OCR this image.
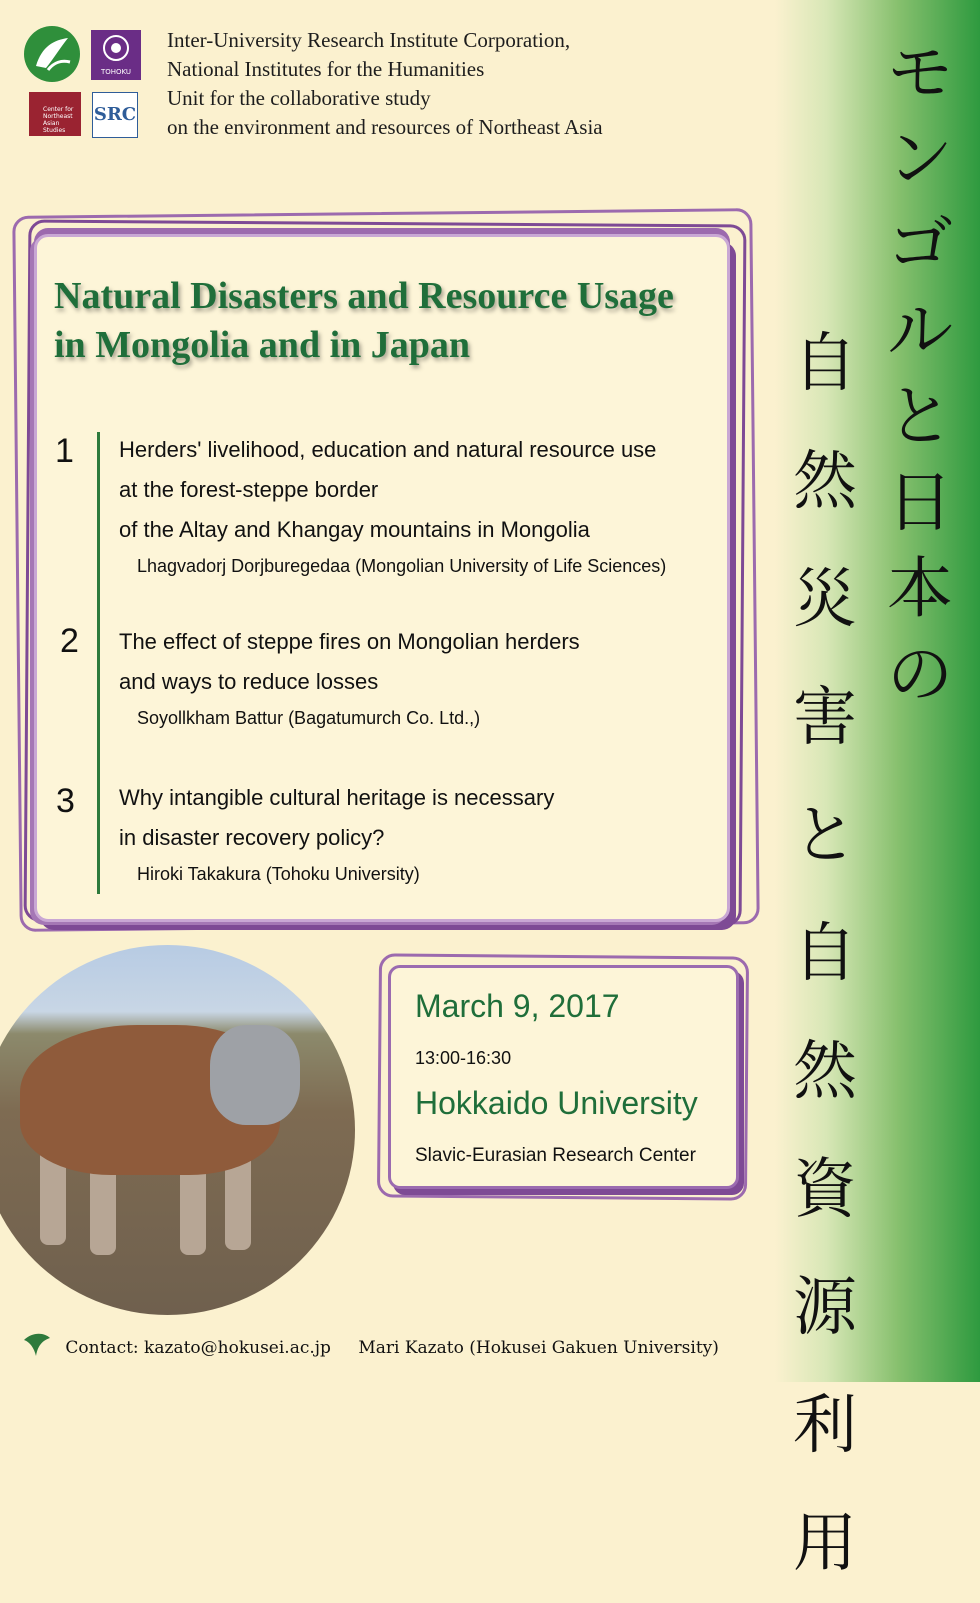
モ
ン
ゴ
ル
と
日
本
の
自
然
災
害
と
自
然
資
源
利
用
TOHOKU
Center for Northeast Asian Studies
SRC
Inter-University Research Institute Corporation,
National Institutes for the Humanities
Unit for the collaborative study
on the environment and resources of Northeast Asia
Natural Disasters and Resource Usage
in Mongolia and in Japan
1 Herders' livelihood, education and natural resource use
at the forest-steppe border
of the Altay and Khangay mountains in Mongolia
Lhagvadorj Dorjburegedaa (Mongolian University of Life Sciences)
2 The effect of steppe fires on Mongolian herders
and ways to reduce losses
Soyollkham Battur (Bagatumurch Co. Ltd.,)
3 Why intangible cultural heritage is necessary
in disaster recovery policy?
Hiroki Takakura (Tohoku University)
March 9, 2017
13:00-16:30
Hokkaido University
Slavic-Eurasian Research Center
Contact: kazato@hokusei.ac.jp Mari Kazato (Hokusei Gakuen University)
